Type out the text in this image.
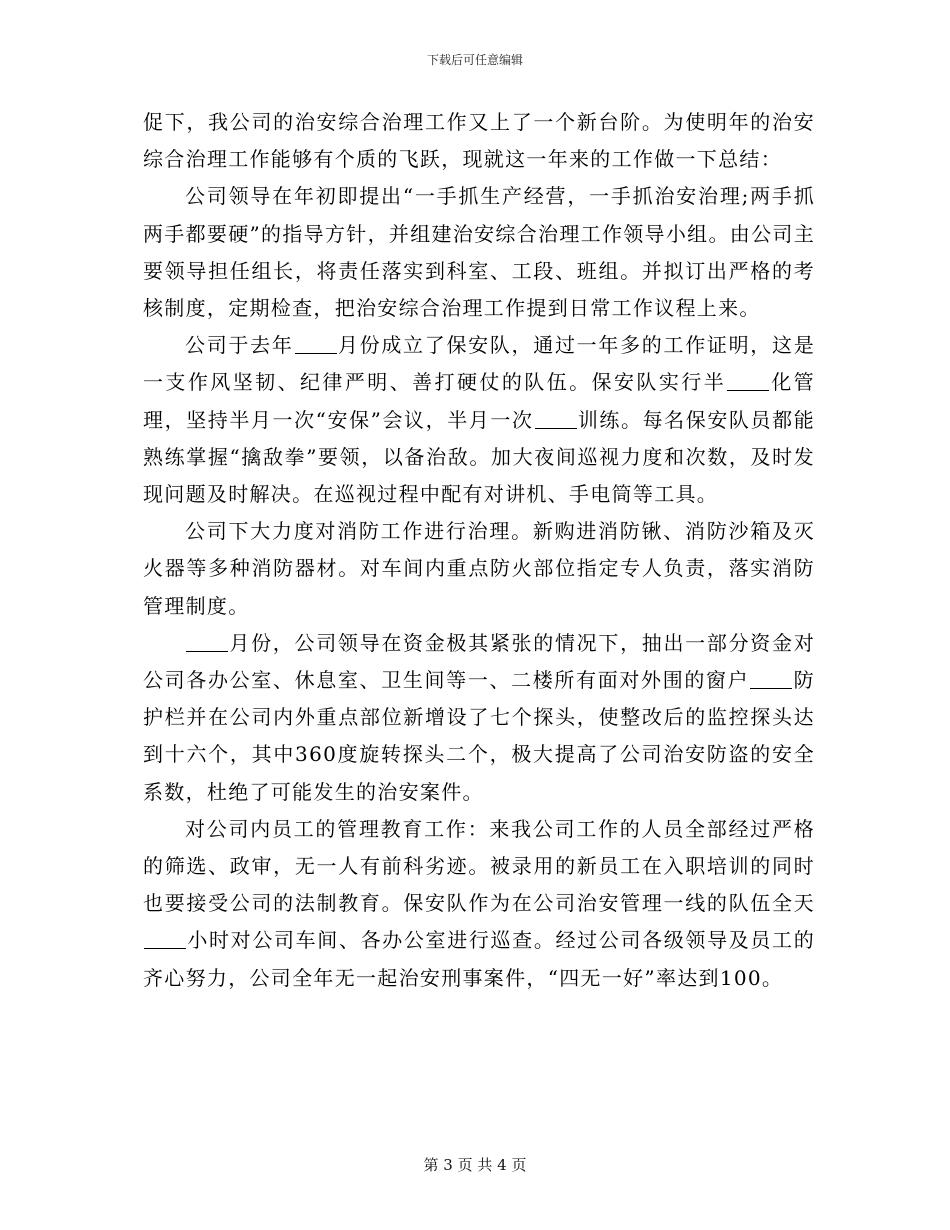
下载后可任意编辑

促下，我公司的治安综合治理工作又上了一个新台阶。为使明年的治安综合治理工作能够有个质的飞跃，现就这一年来的工作做一下总结：

公司领导在年初即提出“一手抓生产经营，一手抓治安治理;两手抓两手都要硬”的指导方针，并组建治安综合治理工作领导小组。由公司主要领导担任组长，将责任落实到科室、工段、班组。并拟订出严格的考核制度，定期检查，把治安综合治理工作提到日常工作议程上来。

公司于去年 月份成立了保安队，通过一年多的工作证明，这是一支作风坚韧、纪律严明、善打硬仗的队伍。保安队实行半 化管理，坚持半月一次“安保”会议，半月一次 训练。每名保安队员都能熟练掌握“擒敌拳”要领，以备治敌。加大夜间巡视力度和次数，及时发现问题及时解决。在巡视过程中配有对讲机、手电筒等工具。

公司下大力度对消防工作进行治理。新购进消防锹、消防沙箱及灭火器等多种消防器材。对车间内重点防火部位指定专人负责，落实消防管理制度。

月份，公司领导在资金极其紧张的情况下，抽出一部分资金对公司各办公室、休息室、卫生间等一、二楼所有面对外围的窗户 防护栏并在公司内外重点部位新增设了七个探头，使整改后的监控探头达到十六个，其中360度旋转探头二个，极大提高了公司治安防盗的安全系数，杜绝了可能发生的治安案件。

对公司内员工的管理教育工作：来我公司工作的人员全部经过严格的筛选、政审，无一人有前科劣迹。被录用的新员工在入职培训的同时也要接受公司的法制教育。保安队作为在公司治安管理一线的队伍全天小时对公司车间、各办公室进行巡查。经过公司各级领导及员工的齐心努力，公司全年无一起治安刑事案件，“四无一好”率达到100。

第 3 页 共 4 页
